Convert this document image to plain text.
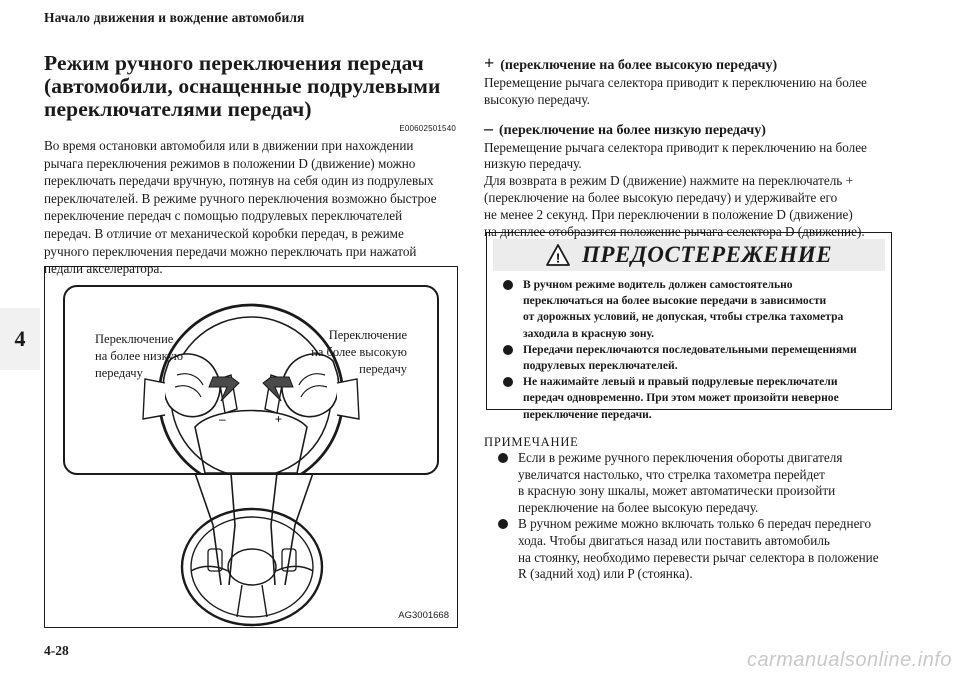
Начало движения и вождение автомобиля
4
Режим ручного переключения передач
(автомобили, оснащенные подрулевыми
переключателями передач)
E00602501540
Во время остановки автомобиля или в движении при нахождении
рычага переключения режимов в положении D (движение) можно
переключать передачи вручную, потянув на себя один из подрулевых
переключателей. В режиме ручного переключения возможно быстрое
переключение передач с помощью подрулевых переключателей
передач. В отличие от механической коробки передач, в режиме
ручного переключения передачи можно переключать при нажатой
педали акселератора.
–	+
Переключение
на более низкую
передачу
Переключение
на более высокую
передачу
AG3001668
+ (переключение на более высокую передачу)
Перемещение рычага селектора приводит к переключению на более
высокую передачу.
– (переключение на более низкую передачу)
Перемещение рычага селектора приводит к переключению на более
низкую передачу.
Для возврата в режим D (движение) нажмите на переключатель +
(переключение на более высокую передачу) и удерживайте его
не менее 2 секунд. При переключении в положение D (движение)
на дисплее отобразится положение рычага селектора D (движение).
! ПРЕДОСТЕРЕЖЕНИЕ
В ручном режиме водитель должен самостоятельно
переключаться на более высокие передачи в зависимости
от дорожных условий, не допуская, чтобы стрелка тахометра
заходила в красную зону.
Передачи переключаются последовательными перемещениями
подрулевых переключателей.
Не нажимайте левый и правый подрулевые переключатели
передач одновременно. При этом может произойти неверное
переключение передачи.
ПРИМЕЧАНИЕ
Если в режиме ручного переключения обороты двигателя
увеличатся настолько, что стрелка тахометра перейдет
в красную зону шкалы, может автоматически произойти
переключение на более высокую передачу.
В ручном режиме можно включать только 6 передач переднего
хода. Чтобы двигаться назад или поставить автомобиль
на стоянку, необходимо перевести рычаг селектора в положение
R (задний ход) или P (стоянка).
4-28	carmanualsonline.info
